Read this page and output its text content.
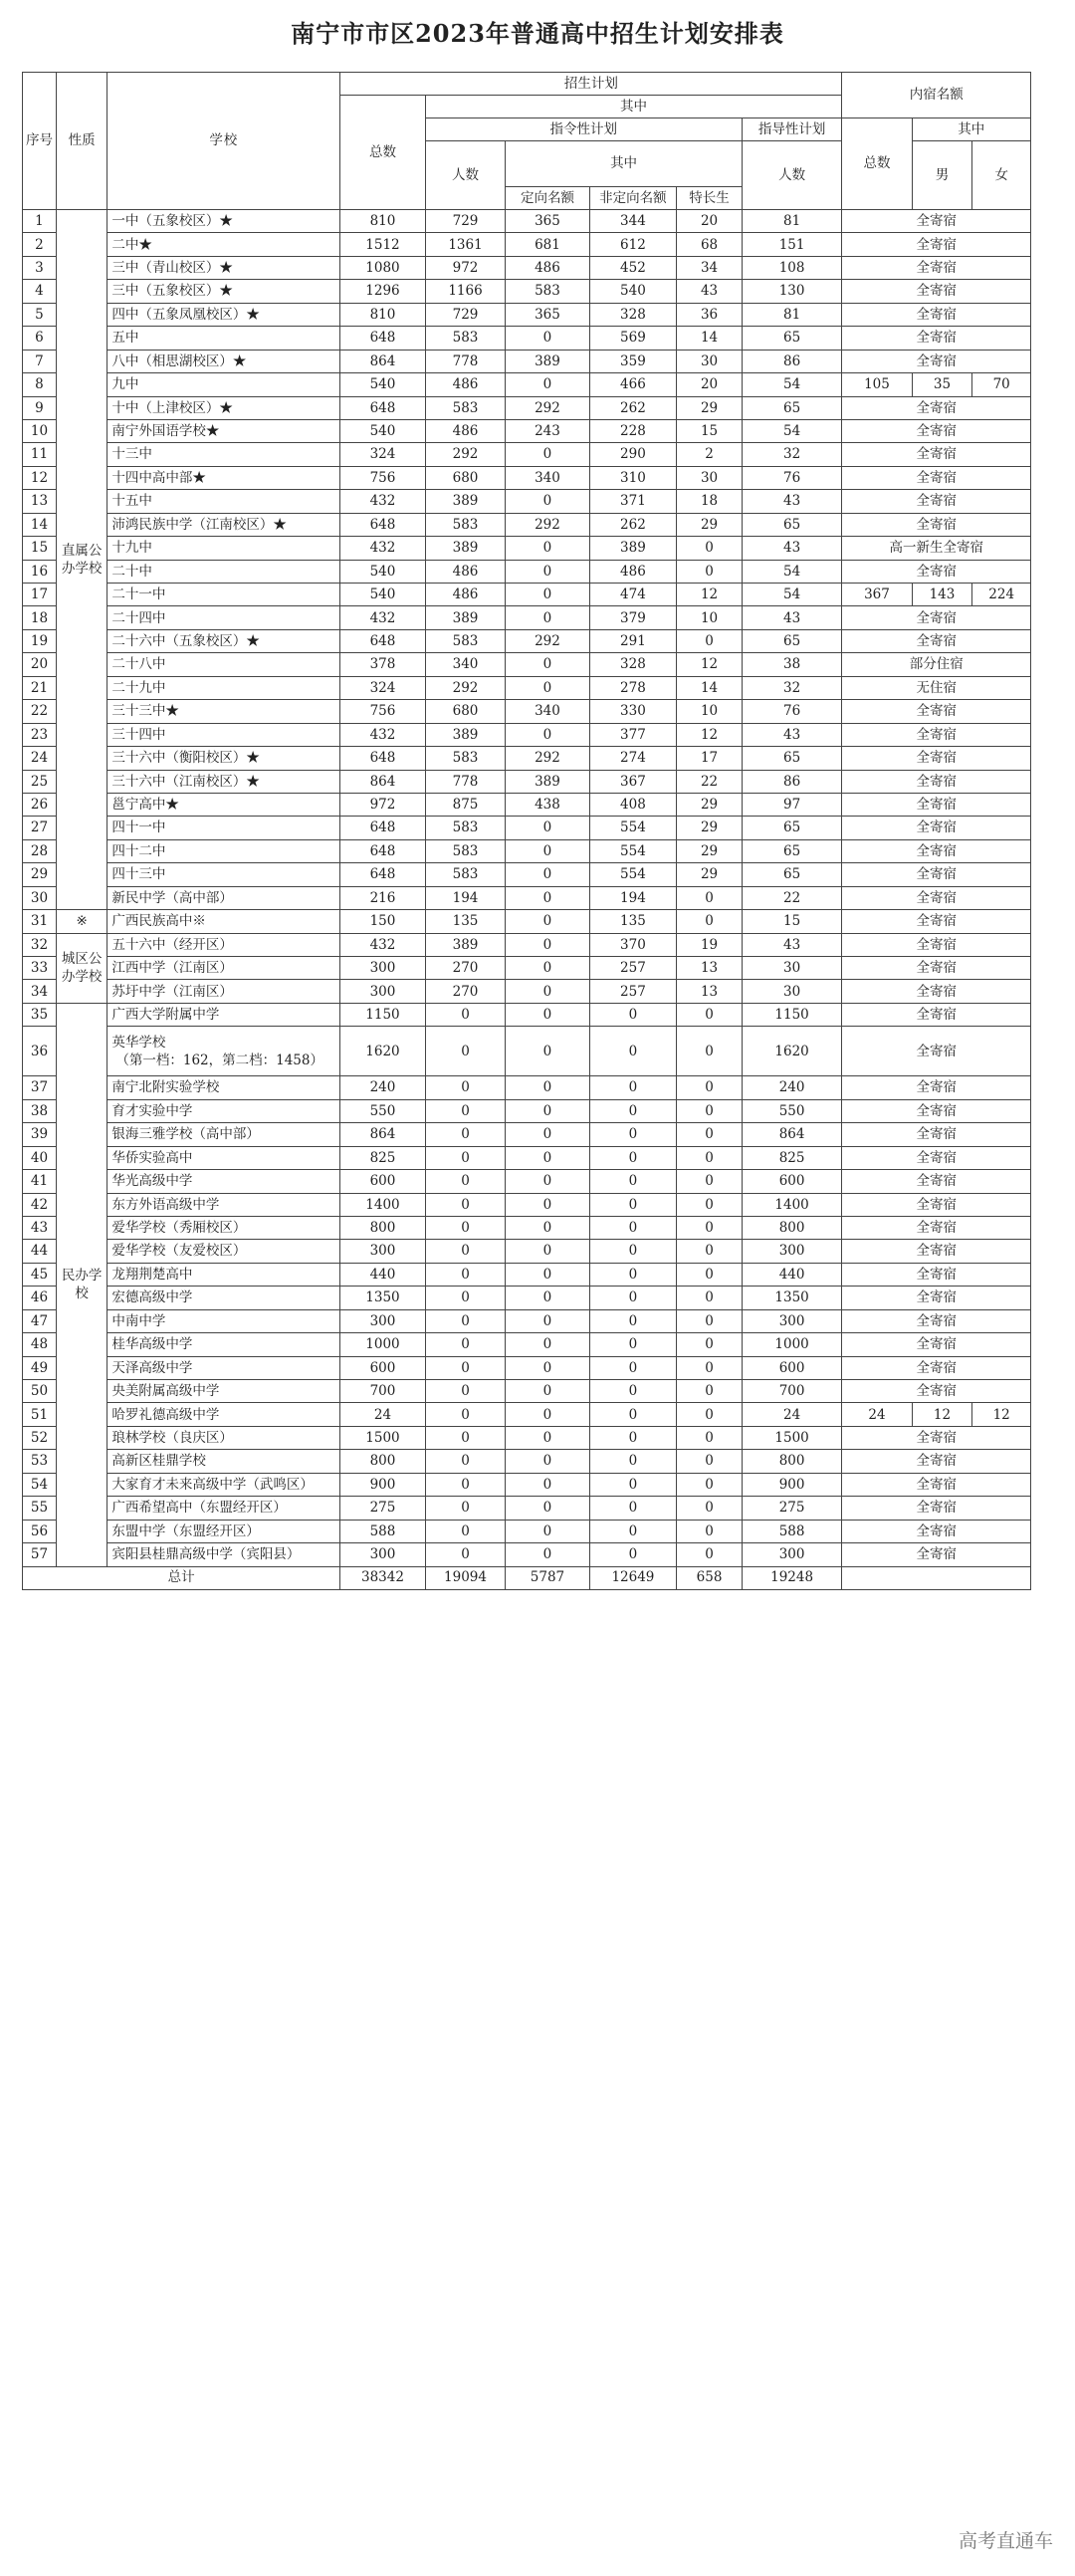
南宁市市区2023年普通高中招生计划安排表
序号	性质	学校	招生计划						内宿名额		
			总数	其中							
				指令性计划				指导性计划	总数	其中	
				人数	其中			人数		男	女
					定向名额	非定向名额	特长生				
1	直属公办学校	一中（五象校区）★	810	729	365	344	20	81	全寄宿		
2		二中★	1512	1361	681	612	68	151	全寄宿		
3		三中（青山校区）★	1080	972	486	452	34	108	全寄宿		
4		三中（五象校区）★	1296	1166	583	540	43	130	全寄宿		
5		四中（五象凤凰校区）★	810	729	365	328	36	81	全寄宿		
6		五中	648	583	0	569	14	65	全寄宿		
7		八中（相思湖校区）★	864	778	389	359	30	86	全寄宿		
8		九中	540	486	0	466	20	54	105	35	70
9		十中（上津校区）★	648	583	292	262	29	65	全寄宿		
10		南宁外国语学校★	540	486	243	228	15	54	全寄宿		
11		十三中	324	292	0	290	2	32	全寄宿		
12		十四中高中部★	756	680	340	310	30	76	全寄宿		
13		十五中	432	389	0	371	18	43	全寄宿		
14		沛鸿民族中学（江南校区）★	648	583	292	262	29	65	全寄宿		
15		十九中	432	389	0	389	0	43	高一新生全寄宿		
16		二十中	540	486	0	486	0	54	全寄宿		
17		二十一中	540	486	0	474	12	54	367	143	224
18		二十四中	432	389	0	379	10	43	全寄宿		
19		二十六中（五象校区）★	648	583	292	291	0	65	全寄宿		
20		二十八中	378	340	0	328	12	38	部分住宿		
21		二十九中	324	292	0	278	14	32	无住宿		
22		三十三中★	756	680	340	330	10	76	全寄宿		
23		三十四中	432	389	0	377	12	43	全寄宿		
24		三十六中（衡阳校区）★	648	583	292	274	17	65	全寄宿		
25		三十六中（江南校区）★	864	778	389	367	22	86	全寄宿		
26		邕宁高中★	972	875	438	408	29	97	全寄宿		
27		四十一中	648	583	0	554	29	65	全寄宿		
28		四十二中	648	583	0	554	29	65	全寄宿		
29		四十三中	648	583	0	554	29	65	全寄宿		
30		新民中学（高中部）	216	194	0	194	0	22	全寄宿		
31	※	广西民族高中※	150	135	0	135	0	15	全寄宿		
32	城区公办学校	五十六中（经开区）	432	389	0	370	19	43	全寄宿		
33		江西中学（江南区）	300	270	0	257	13	30	全寄宿		
34		苏圩中学（江南区）	300	270	0	257	13	30	全寄宿		
35	民办学校	广西大学附属中学	1150	0	0	0	0	1150	全寄宿		
36		英华学校
（第一档：162，第二档：1458）	1620	0	0	0	0	1620	全寄宿		
37		南宁北附实验学校	240	0	0	0	0	240	全寄宿		
38		育才实验中学	550	0	0	0	0	550	全寄宿		
39		银海三雅学校（高中部）	864	0	0	0	0	864	全寄宿		
40		华侨实验高中	825	0	0	0	0	825	全寄宿		
41		华光高级中学	600	0	0	0	0	600	全寄宿		
42		东方外语高级中学	1400	0	0	0	0	1400	全寄宿		
43		爱华学校（秀厢校区）	800	0	0	0	0	800	全寄宿		
44		爱华学校（友爱校区）	300	0	0	0	0	300	全寄宿		
45		龙翔荆楚高中	440	0	0	0	0	440	全寄宿		
46		宏德高级中学	1350	0	0	0	0	1350	全寄宿		
47		中南中学	300	0	0	0	0	300	全寄宿		
48		桂华高级中学	1000	0	0	0	0	1000	全寄宿		
49		天泽高级中学	600	0	0	0	0	600	全寄宿		
50		央美附属高级中学	700	0	0	0	0	700	全寄宿		
51		哈罗礼德高级中学	24	0	0	0	0	24	24	12	12
52		琅林学校（良庆区）	1500	0	0	0	0	1500	全寄宿		
53		高新区桂鼎学校	800	0	0	0	0	800	全寄宿		
54		大家育才未来高级中学（武鸣区）	900	0	0	0	0	900	全寄宿		
55		广西希望高中（东盟经开区）	275	0	0	0	0	275	全寄宿		
56		东盟中学（东盟经开区）	588	0	0	0	0	588	全寄宿		
57		宾阳县桂鼎高级中学（宾阳县）	300	0	0	0	0	300	全寄宿		
总计			38342	19094	5787	12649	658	19248			
高考直通车
